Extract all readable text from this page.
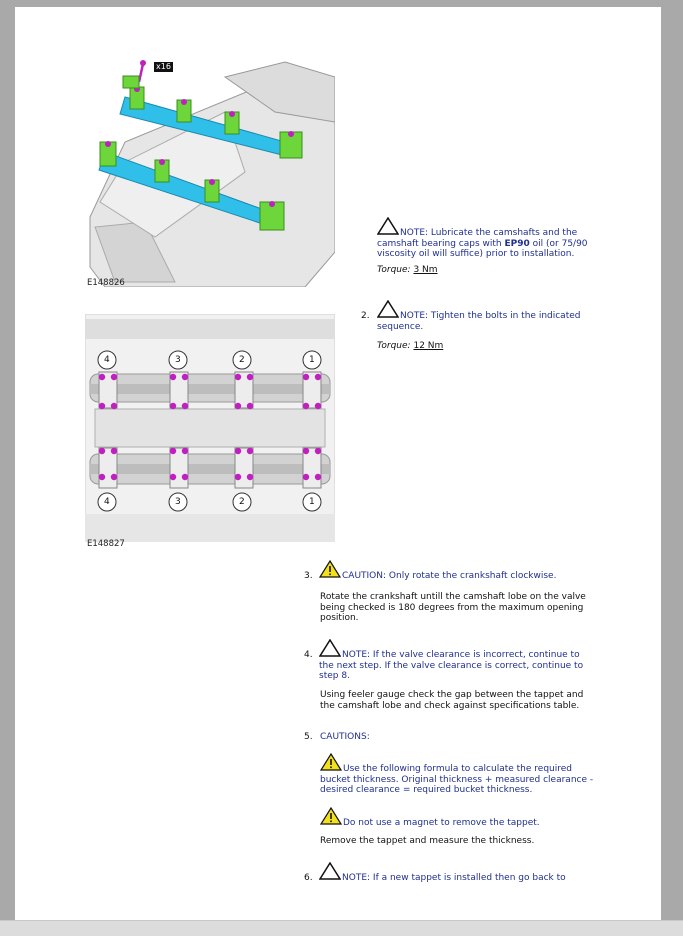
x16
E148826
4	3	2	1
4	3	2	1
E148827
NOTE: Lubricate the camshafts and the camshaft bearing caps with EP90 oil (or 75/90 viscosity oil will suffice) prior to installation.
Torque: 3 Nm
2.	NOTE: Tighten the bolts in the indicated sequence.
Torque: 12 Nm
3.	CAUTION: Only rotate the crankshaft clockwise.
Rotate the crankshaft untill the camshaft lobe on the valve being checked is 180 degrees from the maximum opening position.
4.	NOTE: If the valve clearance is incorrect, continue to the next step. If the valve clearance is correct, continue to step 8.
Using feeler gauge check the gap between the tappet and the camshaft lobe and check against specifications table.
5. CAUTIONS:
Use the following formula to calculate the required bucket thickness. Original thickness + measured clearance - desired clearance = required bucket thickness.
Do not use a magnet to remove the tappet.
Remove the tappet and measure the thickness.
6.	NOTE: If a new tappet is installed then go back to
